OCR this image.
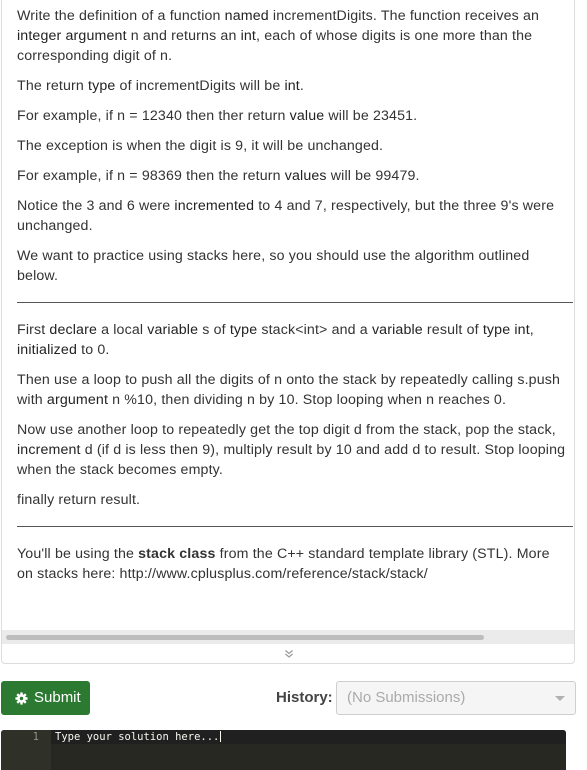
Write the definition of a function named incrementDigits. The function receives an integer argument n and returns an int, each of whose digits is one more than the corresponding digit of n.

The return type of incrementDigits will be int.

For example, if n = 12340 then ther return value will be 23451.

The exception is when the digit is 9, it will be unchanged.

For example, if n = 98369 then the return values will be 99479.

Notice the 3 and 6 were incremented to 4 and 7, respectively, but the three 9's were unchanged.

We want to practice using stacks here, so you should use the algorithm outlined below.

First declare a local variable s of type stack<int> and a variable result of type int, initialized to 0.

Then use a loop to push all the digits of n onto the stack by repeatedly calling s.push with argument n %10, then dividing n by 10. Stop looping when n reaches 0.

Now use another loop to repeatedly get the top digit d from the stack, pop the stack, increment d (if d is less then 9), multiply result by 10 and add d to result. Stop looping when the stack becomes empty.

finally return result.

You'll be using the stack class from the C++ standard template library (STL). More on stacks here: http://www.cplusplus.com/reference/stack/stack/

Submit	History: (No Submissions)
1 Type your solution here...
